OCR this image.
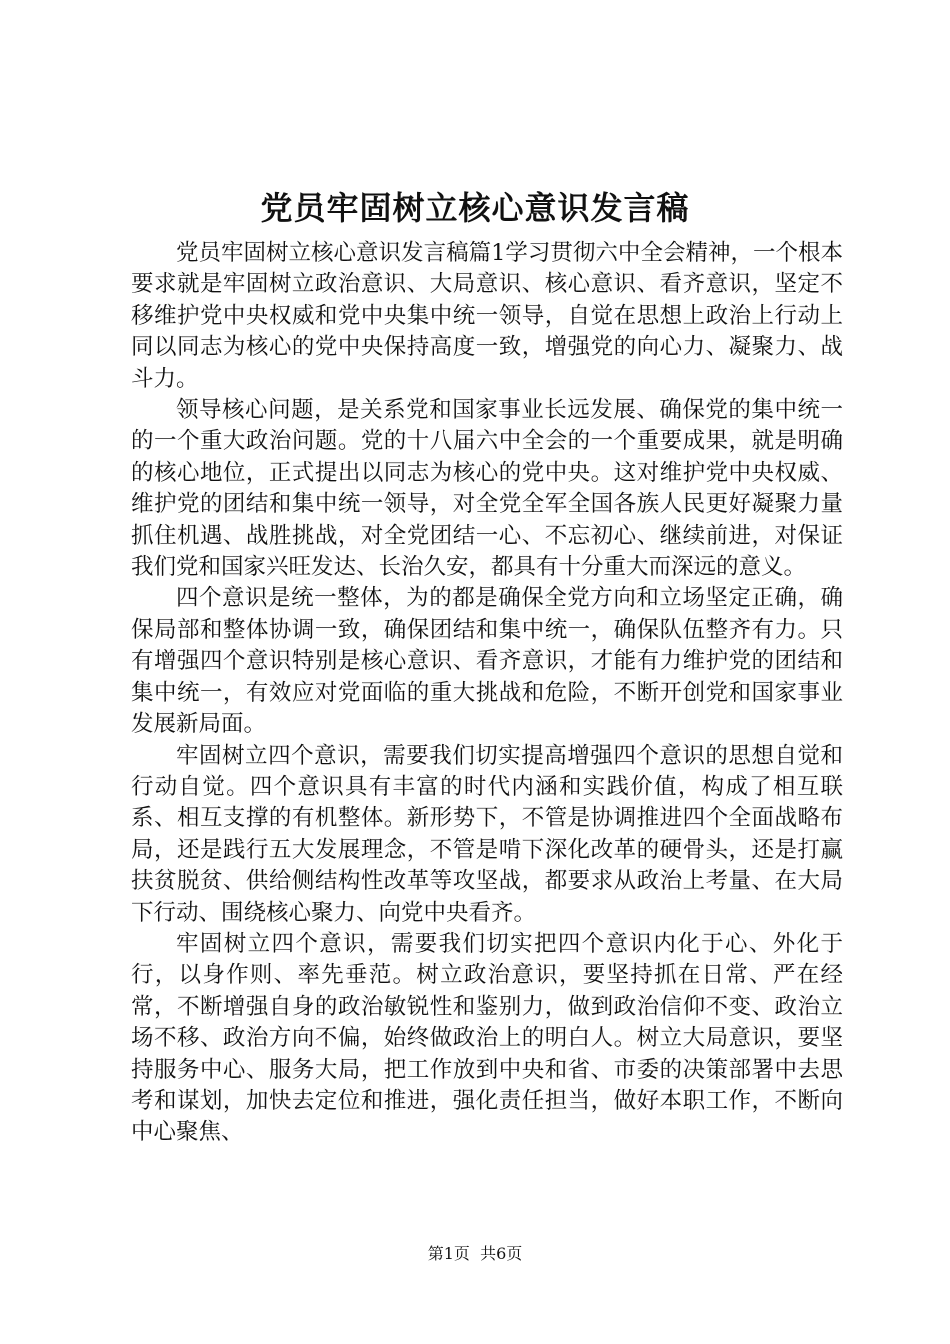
党员牢固树立核心意识发言稿

党员牢固树立核心意识发言稿篇1学习贯彻六中全会精神，一个根本要求就是牢固树立政治意识、大局意识、核心意识、看齐意识，坚定不移维护党中央权威和党中央集中统一领导，自觉在思想上政治上行动上同以同志为核心的党中央保持高度一致，增强党的向心力、凝聚力、战斗力。

领导核心问题，是关系党和国家事业长远发展、确保党的集中统一的一个重大政治问题。党的十八届六中全会的一个重要成果，就是明确的核心地位，正式提出以同志为核心的党中央。这对维护党中央权威、维护党的团结和集中统一领导，对全党全军全国各族人民更好凝聚力量抓住机遇、战胜挑战，对全党团结一心、不忘初心、继续前进，对保证我们党和国家兴旺发达、长治久安，都具有十分重大而深远的意义。

四个意识是统一整体，为的都是确保全党方向和立场坚定正确，确保局部和整体协调一致，确保团结和集中统一，确保队伍整齐有力。只有增强四个意识特别是核心意识、看齐意识，才能有力维护党的团结和集中统一，有效应对党面临的重大挑战和危险，不断开创党和国家事业发展新局面。

牢固树立四个意识，需要我们切实提高增强四个意识的思想自觉和行动自觉。四个意识具有丰富的时代内涵和实践价值，构成了相互联系、相互支撑的有机整体。新形势下，不管是协调推进四个全面战略布局，还是践行五大发展理念，不管是啃下深化改革的硬骨头，还是打赢扶贫脱贫、供给侧结构性改革等攻坚战，都要求从政治上考量、在大局下行动、围绕核心聚力、向党中央看齐。

牢固树立四个意识，需要我们切实把四个意识内化于心、外化于行，以身作则、率先垂范。树立政治意识，要坚持抓在日常、严在经常，不断增强自身的政治敏锐性和鉴别力，做到政治信仰不变、政治立场不移、政治方向不偏，始终做政治上的明白人。树立大局意识，要坚持服务中心、服务大局，把工作放到中央和省、市委的决策部署中去思考和谋划，加快去定位和推进，强化责任担当，做好本职工作，不断向中心聚焦、

第1页 共6页
